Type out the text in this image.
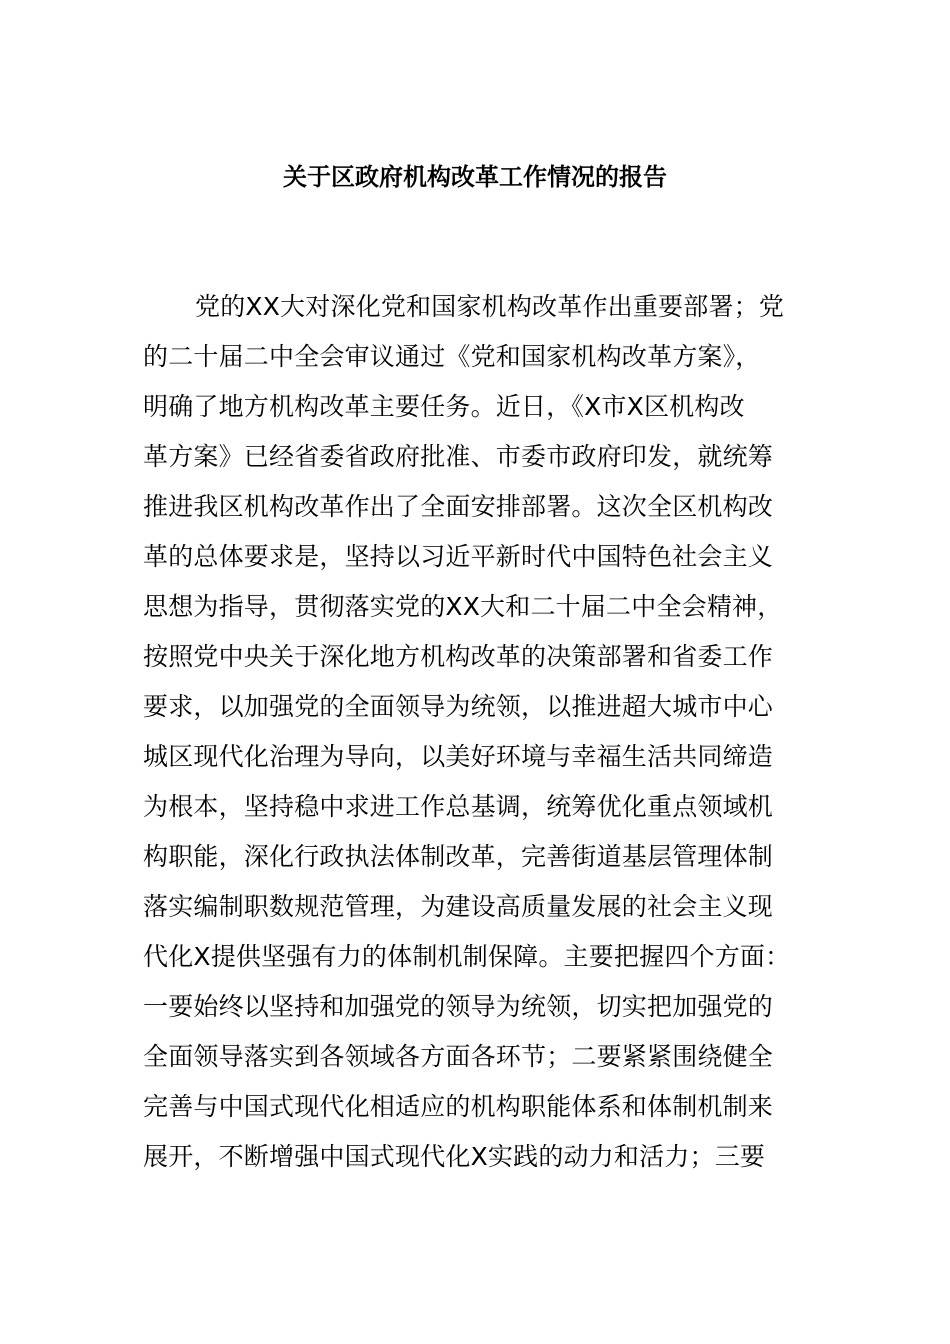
关于区政府机构改革工作情况的报告
党的XX大对深化党和国家机构改革作出重要部署；党
的二十届二中全会审议通过《党和国家机构改革方案》，
明确了地方机构改革主要任务。近日，《X市X区机构改
革方案》已经省委省政府批准、市委市政府印发，就统筹
推进我区机构改革作出了全面安排部署。这次全区机构改
革的总体要求是，坚持以习近平新时代中国特色社会主义
思想为指导，贯彻落实党的XX大和二十届二中全会精神，
按照党中央关于深化地方机构改革的决策部署和省委工作
要求，以加强党的全面领导为统领，以推进超大城市中心
城区现代化治理为导向，以美好环境与幸福生活共同缔造
为根本，坚持稳中求进工作总基调，统筹优化重点领域机
构职能，深化行政执法体制改革，完善街道基层管理体制
落实编制职数规范管理，为建设高质量发展的社会主义现
代化X提供坚强有力的体制机制保障。主要把握四个方面：
一要始终以坚持和加强党的领导为统领，切实把加强党的
全面领导落实到各领域各方面各环节；二要紧紧围绕健全
完善与中国式现代化相适应的机构职能体系和体制机制来
展开，不断增强中国式现代化X实践的动力和活力；三要
